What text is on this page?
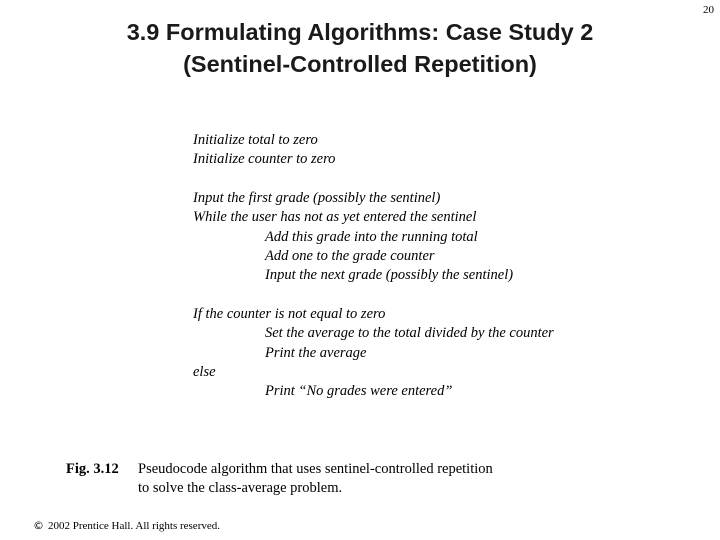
20
3.9 Formulating Algorithms: Case Study 2
(Sentinel-Controlled Repetition)
Initialize total to zero
Initialize counter to zero
Input the first grade (possibly the sentinel)
While the user has not as yet entered the sentinel
Add this grade into the running total
Add one to the grade counter
Input the next grade (possibly the sentinel)
If the counter is not equal to zero
Set the average to the total divided by the counter
Print the average
else
Print “No grades were entered”
Fig. 3.12 Pseudocode algorithm that uses sentinel-controlled repetition
to solve the class-average problem.
© 2002 Prentice Hall. All rights reserved.
